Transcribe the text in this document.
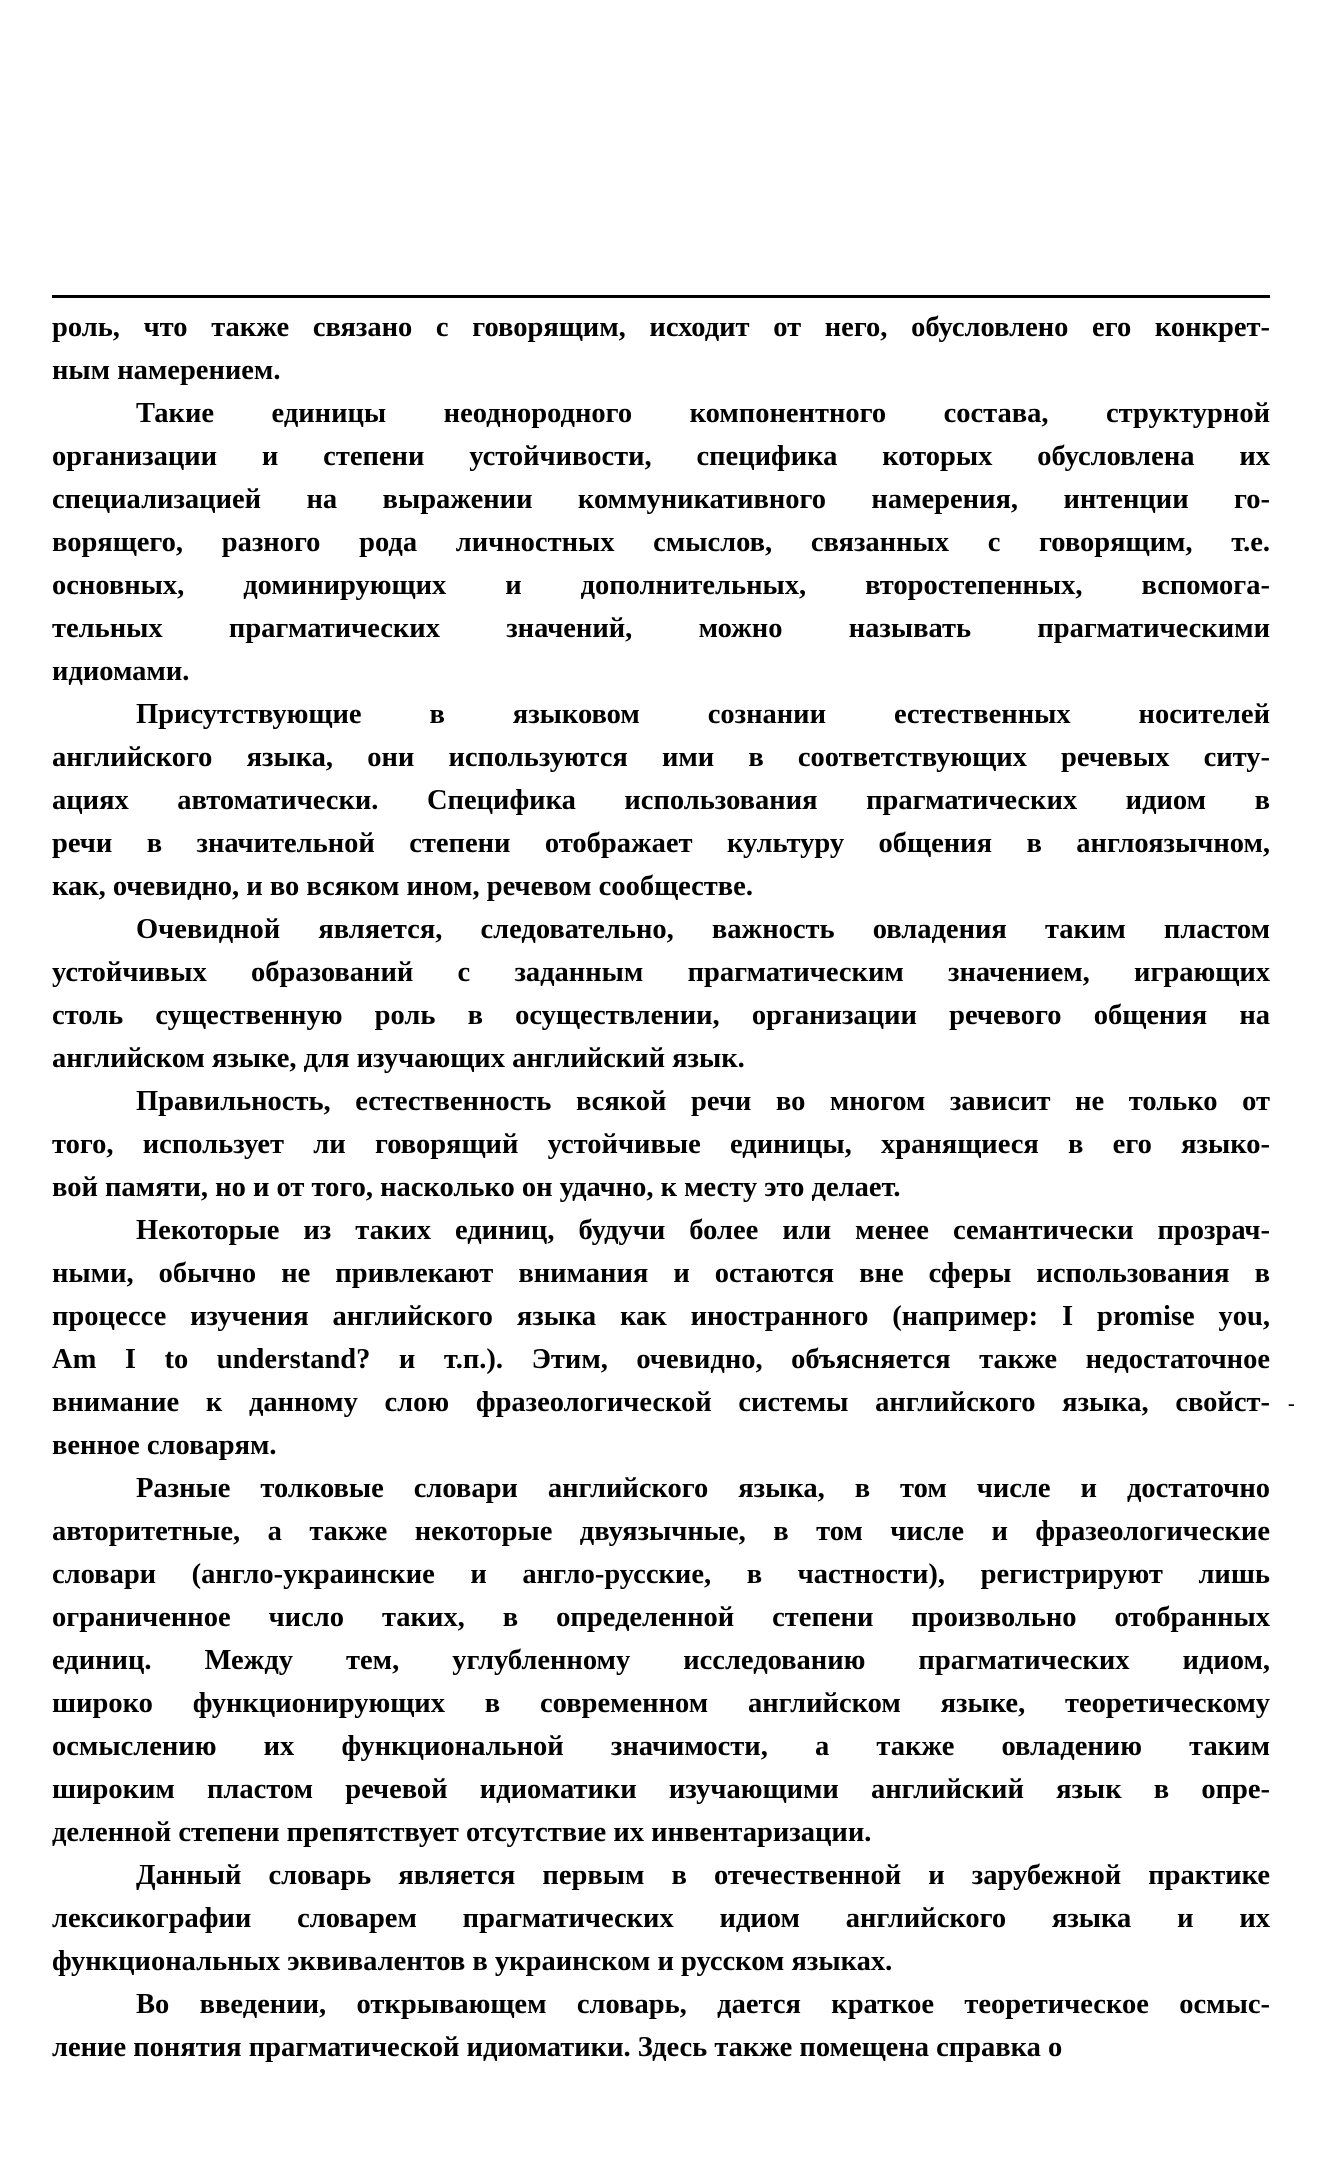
роль, что также связано с говорящим, исходит от него, обусловлено его конкрет-
ным намерением.

Такие единицы неоднородного компонентного состава, структурной
организации и степени устойчивости, специфика которых обусловлена их
специализацией на выражении коммуникативного намерения, интенции го-
ворящего, разного рода личностных смыслов, связанных с говорящим, т.е.
основных, доминирующих и дополнительных, второстепенных, вспомога-
тельных прагматических значений, можно называть прагматическими
идиомами.

Присутствующие в языковом сознании естественных носителей
английского языка, они используются ими в соответствующих речевых ситу-
ациях автоматически. Специфика использования прагматических идиом в
речи в значительной степени отображает культуру общения в англоязычном,
как, очевидно, и во всяком ином, речевом сообществе.

Очевидной является, следовательно, важность овладения таким пластом
устойчивых образований с заданным прагматическим значением, играющих
столь существенную роль в осуществлении, организации речевого общения на
английском языке, для изучающих английский язык.

Правильность, естественность всякой речи во многом зависит не только от
того, использует ли говорящий устойчивые единицы, хранящиеся в его языко-
вой памяти, но и от того, насколько он удачно, к месту это делает.

Некоторые из таких единиц, будучи более или менее семантически прозрач-
ными, обычно не привлекают внимания и остаются вне сферы использования в
процессе изучения английского языка как иностранного (например: I promise you,
Am I to understand? и т.п.). Этим, очевидно, объясняется также недостаточное
внимание к данному слою фразеологической системы английского языка, свойст-
венное словарям.

Разные толковые словари английского языка, в том числе и достаточно
авторитетные, а также некоторые двуязычные, в том числе и фразеологические
словари (англо-украинские и англо-русские, в частности), регистрируют лишь
ограниченное число таких, в определенной степени произвольно отобранных
единиц. Между тем, углубленному исследованию прагматических идиом,
широко функционирующих в современном английском языке, теоретическому
осмыслению их функциональной значимости, а также овладению таким
широким пластом речевой идиоматики изучающими английский язык в опре-
деленной степени препятствует отсутствие их инвентаризации.

Данный словарь является первым в отечественной и зарубежной практике
лексикографии словарем прагматических идиом английского языка и их
функциональных эквивалентов в украинском и русском языках.

Во введении, открывающем словарь, дается краткое теоретическое осмыс-
ление понятия прагматической идиоматики. Здесь также помещена справка о

-
